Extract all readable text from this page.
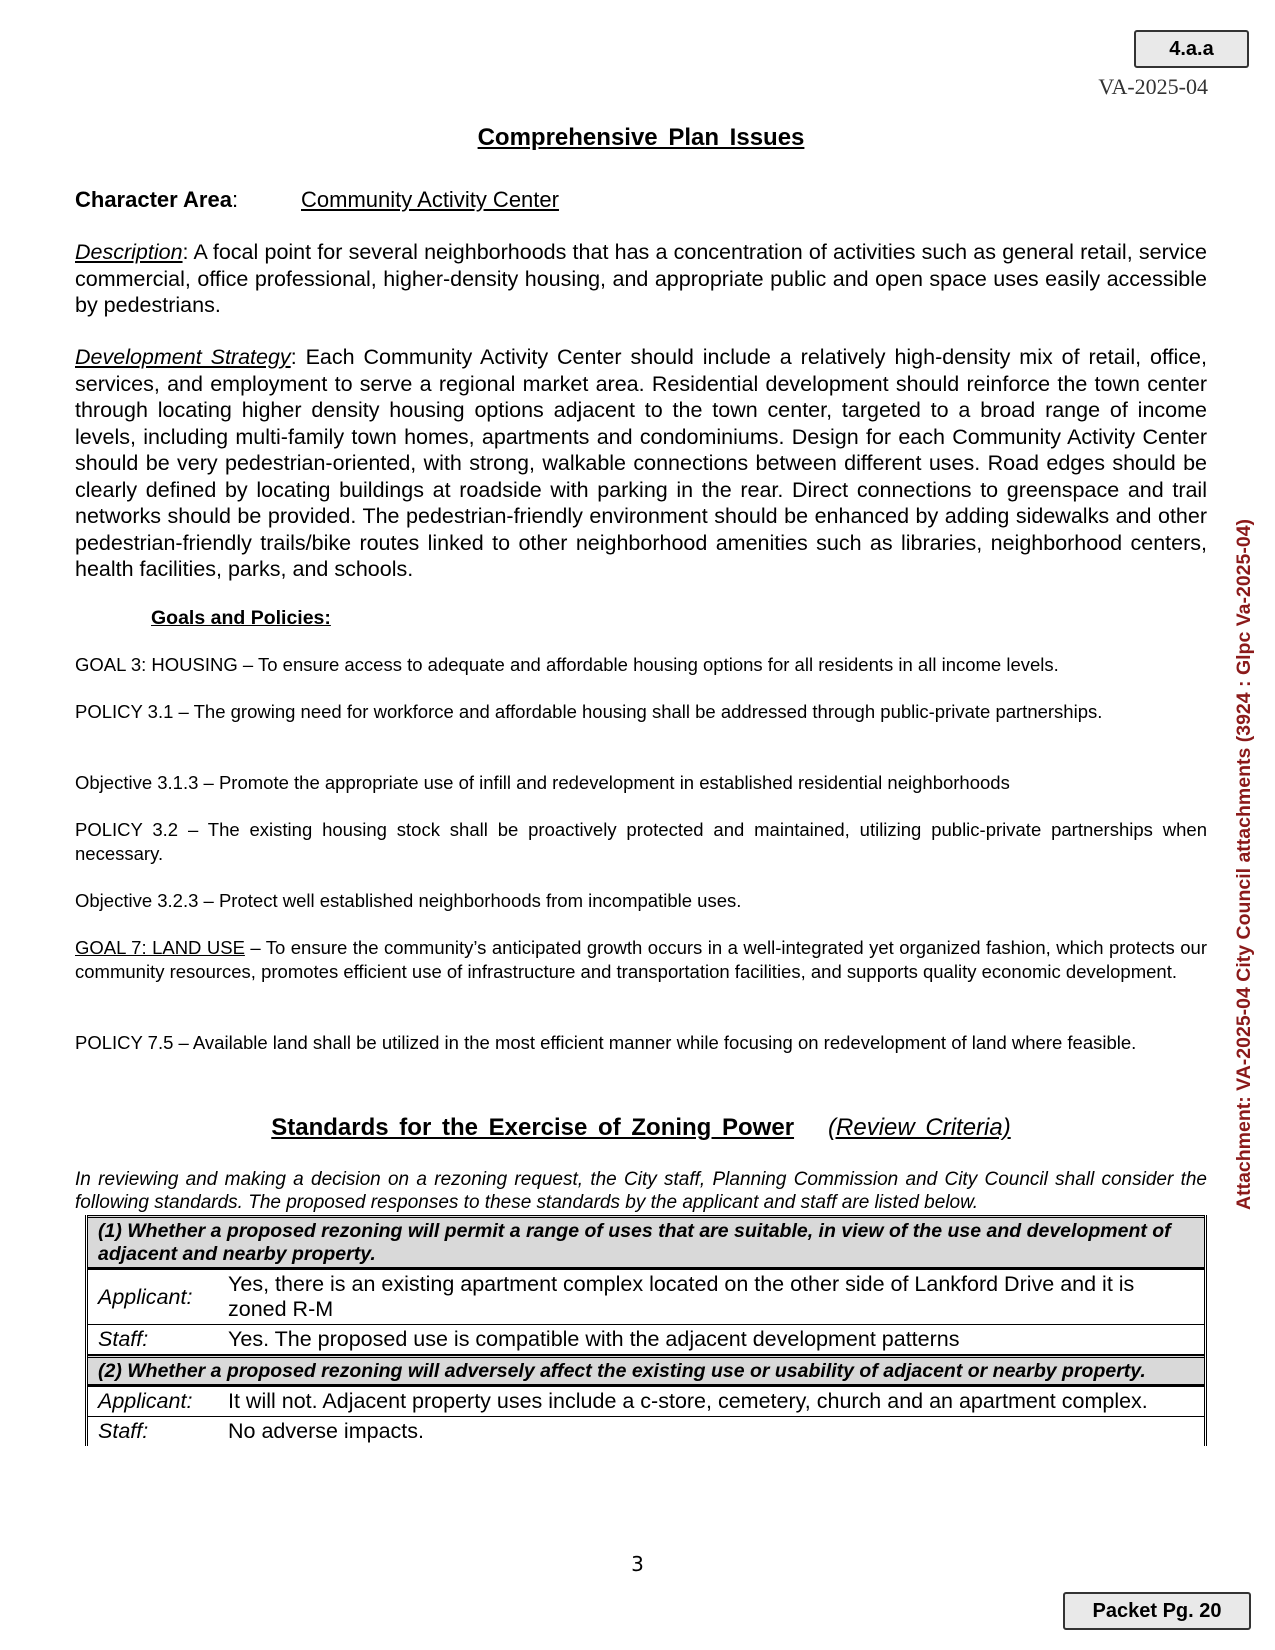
4.a.a
VA-2025-04
Comprehensive Plan Issues
Character Area:	Community Activity Center

Description: A focal point for several neighborhoods that has a concentration of activities such as general retail, service commercial, office professional, higher-density housing, and appropriate public and open space uses easily accessible by pedestrians.

Development Strategy: Each Community Activity Center should include a relatively high-density mix of retail, office, services, and employment to serve a regional market area. Residential development should reinforce the town center through locating higher density housing options adjacent to the town center, targeted to a broad range of income levels, including multi-family town homes, apartments and condominiums. Design for each Community Activity Center should be very pedestrian-oriented, with strong, walkable connections between different uses. Road edges should be clearly defined by locating buildings at roadside with parking in the rear. Direct connections to greenspace and trail networks should be provided. The pedestrian-friendly environment should be enhanced by adding sidewalks and other pedestrian-friendly trails/bike routes linked to other neighborhood amenities such as libraries, neighborhood centers, health facilities, parks, and schools.

Goals and Policies:

GOAL 3: HOUSING – To ensure access to adequate and affordable housing options for all residents in all income levels.

POLICY 3.1 – The growing need for workforce and affordable housing shall be addressed through public-private partnerships.

Objective 3.1.3 – Promote the appropriate use of infill and redevelopment in established residential neighborhoods

POLICY 3.2 – The existing housing stock shall be proactively protected and maintained, utilizing public-private partnerships when necessary.

Objective 3.2.3 – Protect well established neighborhoods from incompatible uses.

GOAL 7: LAND USE – To ensure the community’s anticipated growth occurs in a well-integrated yet organized fashion, which protects our community resources, promotes efficient use of infrastructure and transportation facilities, and supports quality economic development.

POLICY 7.5 – Available land shall be utilized in the most efficient manner while focusing on redevelopment of land where feasible.

Standards for the Exercise of Zoning Power (Review Criteria)

In reviewing and making a decision on a rezoning request, the City staff, Planning Commission and City Council shall consider the following standards. The proposed responses to these standards by the applicant and staff are listed below.

(1) Whether a proposed rezoning will permit a range of uses that are suitable, in view of the use and development of adjacent and nearby property.
Applicant:
Yes, there is an existing apartment complex located on the other side of Lankford Drive and it is zoned R-M
Staff:	Yes. The proposed use is compatible with the adjacent development patterns
(2) Whether a proposed rezoning will adversely affect the existing use or usability of adjacent or nearby property.
Applicant:	It will not. Adjacent property uses include a c-store, cemetery, church and an apartment complex.
Staff:	No adverse impacts.
3
Packet Pg. 20
Attachment: VA-2025-04 City Council attachments (3924 : Glpc Va-2025-04)
